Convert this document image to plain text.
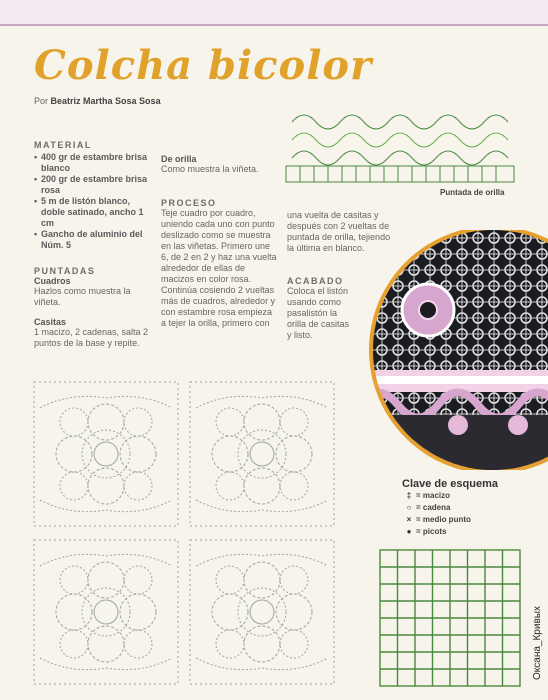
Colcha bicolor
Por Beatriz Martha Sosa Sosa
MATERIAL
• 400 gr de estambre brisa blanco
• 200 gr de estambre brisa rosa
• 5 m de listón blanco, doble satinado, ancho 1 cm
• Gancho de aluminio del Núm. 5
PUNTADAS
Cuadros
Hazlos como muestra la viñeta.
Casitas
1 macizo, 2 cadenas, salta 2 puntos de la base y repite.
De orilla
Como muestra la viñeta.
PROCESO
Teje cuadro por cuadro, uniendo cada uno con punto deslizado como se muestra en las viñetas. Primero une 6, de 2 en 2 y haz una vuelta alrededor de ellas de macizos en color rosa. Continúa cosiendo 2 vueltas más de cuadros, alrededor y con estambre rosa empieza a tejer la orilla, primero con
una vuelta de casitas y después con 2 vueltas de puntada de orilla, tejiendo la última en blanco.
ACABADO
Coloca el listón usando como pasalistón la orilla de casitas y listo.
Puntada de orilla
Clave de esquema
‡ = macizo
○ = cadena
× = medio punto
● = picots
Оксана_Кривых
